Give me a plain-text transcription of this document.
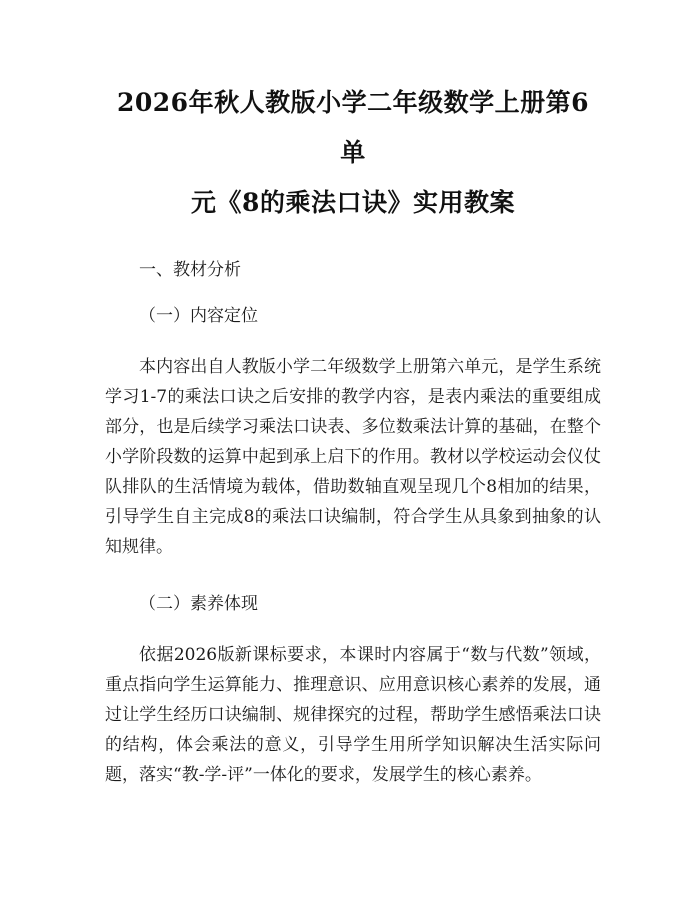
2026年秋人教版小学二年级数学上册第6单
元《8的乘法口诀》实用教案

一、教材分析

（一）内容定位

本内容出自人教版小学二年级数学上册第六单元，是学生系统学习1-7的乘法口诀之后安排的教学内容，是表内乘法的重要组成部分，也是后续学习乘法口诀表、多位数乘法计算的基础，在整个小学阶段数的运算中起到承上启下的作用。教材以学校运动会仪仗队排队的生活情境为载体，借助数轴直观呈现几个8相加的结果，引导学生自主完成8的乘法口诀编制，符合学生从具象到抽象的认知规律。

（二）素养体现

依据2026版新课标要求，本课时内容属于“数与代数”领域，重点指向学生运算能力、推理意识、应用意识核心素养的发展，通过让学生经历口诀编制、规律探究的过程，帮助学生感悟乘法口诀的结构，体会乘法的意义，引导学生用所学知识解决生活实际问题，落实“教-学-评”一体化的要求，发展学生的核心素养。
